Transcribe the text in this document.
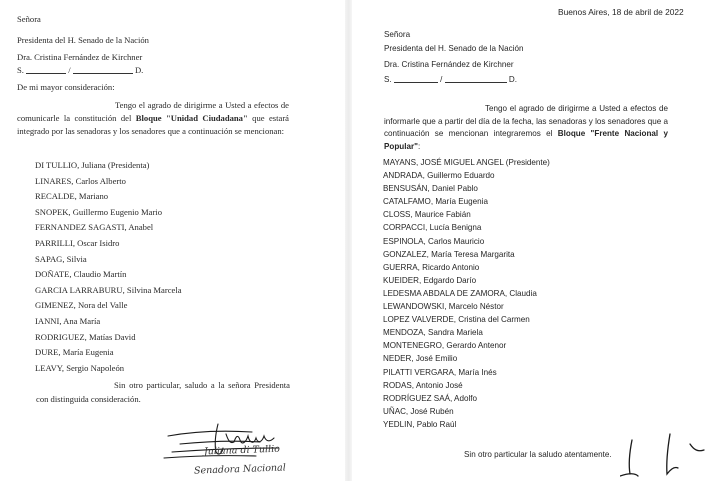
Señora
Presidenta del H. Senado de la Nación
Dra. Cristina Fernández de Kirchner
S.	/	D.
De mi mayor consideración:
Tengo el agrado de dirigirme a Usted a efectos de comunicarle la constitución del Bloque "Unidad Ciudadana" que estará integrado por las senadoras y los senadores que a continuación se mencionan:
DI TULLIO, Juliana (Presidenta)
LINARES, Carlos Alberto
RECALDE, Mariano
SNOPEK, Guillermo Eugenio Mario
FERNANDEZ SAGASTI, Anabel
PARRILLI, Oscar Isidro
SAPAG, Silvia
DOÑATE, Claudio Martín
GARCIA LARRABURU, Silvina Marcela
GIMENEZ, Nora del Valle
IANNI, Ana María
RODRIGUEZ, Matías David
DURE, María Eugenia
LEAVY, Sergio Napoleón
Sin otro particular, saludo a la señora Presidenta con distinguida consideración.
Juliana di Tullio
Senadora Nacional
Buenos Aires, 18 de abril de 2022
Señora
Presidenta del H. Senado de la Nación
Dra. Cristina Fernández de Kirchner
S.	/	D.
Tengo el agrado de dirigirme a Usted a efectos de informarle que a partir del día de la fecha, las senadoras y los senadores que a continuación se mencionan integraremos el Bloque "Frente Nacional y Popular":
MAYANS, JOSÉ MIGUEL ANGEL (Presidente)
ANDRADA, Guillermo Eduardo
BENSUSÁN, Daniel Pablo
CATALFAMO, María Eugenia
CLOSS, Maurice Fabián
CORPACCI, Lucía Benigna
ESPINOLA, Carlos Mauricio
GONZALEZ, María Teresa Margarita
GUERRA, Ricardo Antonio
KUEIDER, Edgardo Darío
LEDESMA ABDALA DE ZAMORA, Claudia
LEWANDOWSKI, Marcelo Néstor
LOPEZ VALVERDE, Cristina del Carmen
MENDOZA, Sandra Mariela
MONTENEGRO, Gerardo Antenor
NEDER, José Emilio
PILATTI VERGARA, María Inés
RODAS, Antonio José
RODRÍGUEZ SAÁ, Adolfo
UÑAC, José Rubén
YEDLIN, Pablo Raúl
Sin otro particular la saludo atentamente.
